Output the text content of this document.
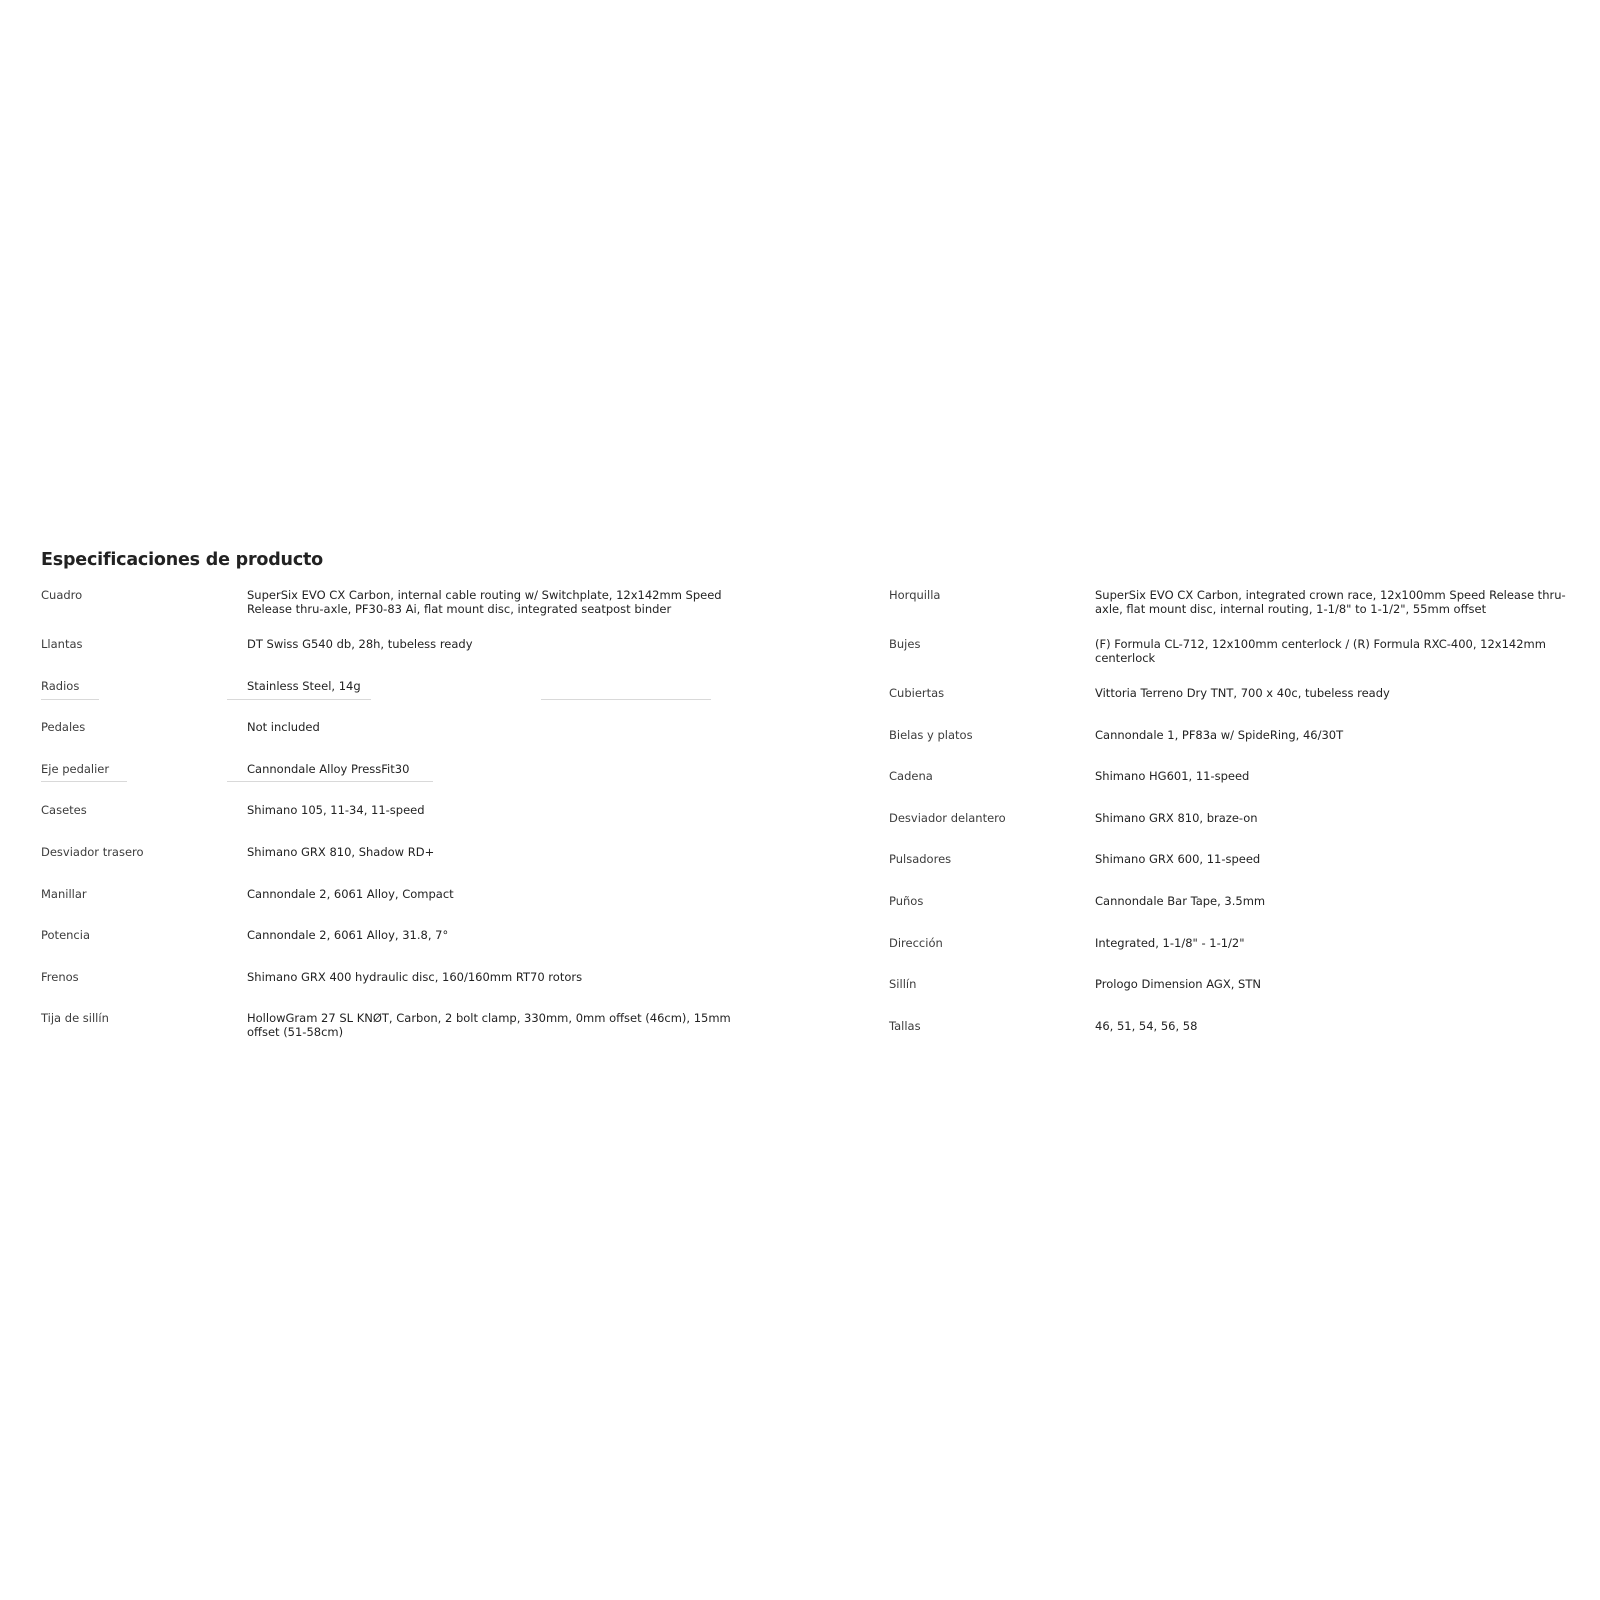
Especificaciones de producto
Cuadro	SuperSix EVO CX Carbon, internal cable routing w/ Switchplate, 12x142mm Speed Release thru-axle, PF30-83 Ai, flat mount disc, integrated seatpost binder
Llantas	DT Swiss G540 db, 28h, tubeless ready
Radios	Stainless Steel, 14g
Pedales	Not included
Eje pedalier	Cannondale Alloy PressFit30
Casetes	Shimano 105, 11-34, 11-speed
Desviador trasero	Shimano GRX 810, Shadow RD+
Manillar	Cannondale 2, 6061 Alloy, Compact
Potencia	Cannondale 2, 6061 Alloy, 31.8, 7°
Frenos	Shimano GRX 400 hydraulic disc, 160/160mm RT70 rotors
Tija de sillín	HollowGram 27 SL KNØT, Carbon, 2 bolt clamp, 330mm, 0mm offset (46cm), 15mm offset (51-58cm)
Horquilla	SuperSix EVO CX Carbon, integrated crown race, 12x100mm Speed Release thru-axle, flat mount disc, internal routing, 1-1/8" to 1-1/2", 55mm offset
Bujes	(F) Formula CL-712, 12x100mm centerlock / (R) Formula RXC-400, 12x142mm centerlock
Cubiertas	Vittoria Terreno Dry TNT, 700 x 40c, tubeless ready
Bielas y platos	Cannondale 1, PF83a w/ SpideRing, 46/30T
Cadena	Shimano HG601, 11-speed
Desviador delantero	Shimano GRX 810, braze-on
Pulsadores	Shimano GRX 600, 11-speed
Puños	Cannondale Bar Tape, 3.5mm
Dirección	Integrated, 1-1/8" - 1-1/2"
Sillín	Prologo Dimension AGX, STN
Tallas	46, 51, 54, 56, 58
